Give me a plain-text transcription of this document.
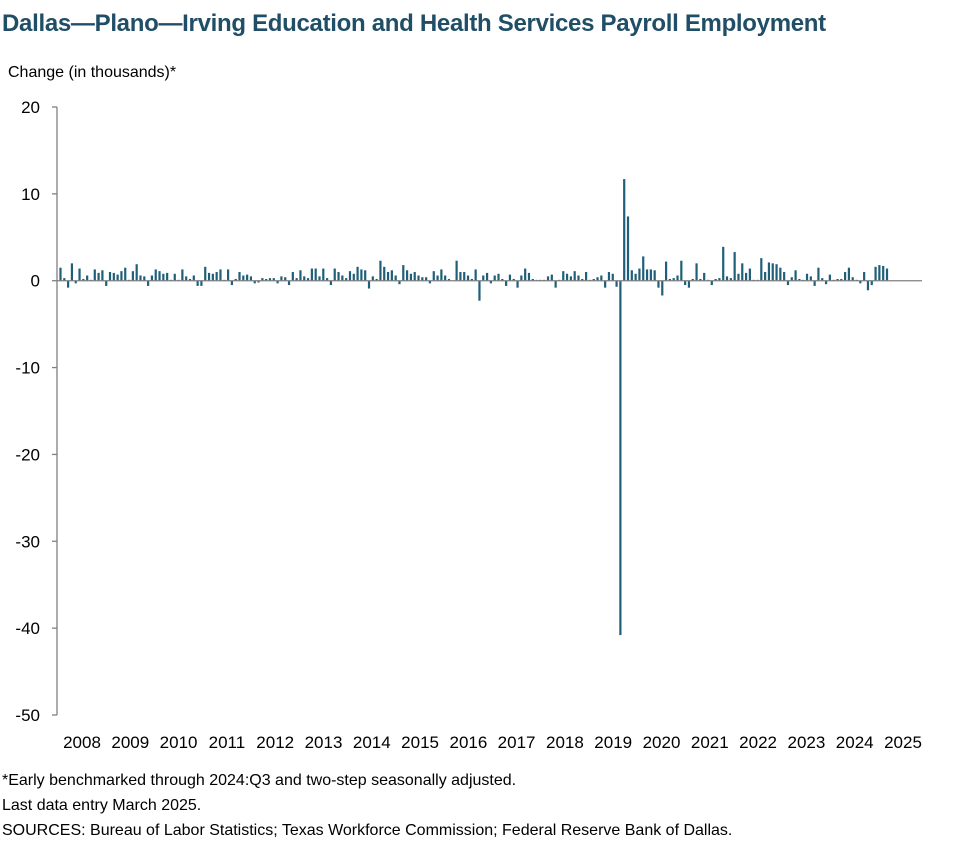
Dallas—Plano—Irving Education and Health Services Payroll Employment
Change (in thousands)*
20
10
0
-10
-20
-30
-40
-50
2008 2009 2010 2011 2012 2013 2014 2015 2016 2017 2018 2019 2020 2021 2022 2023 2024 2025
*Early benchmarked through 2024:Q3 and two-step seasonally adjusted.
Last data entry March 2025.
SOURCES: Bureau of Labor Statistics; Texas Workforce Commission; Federal Reserve Bank of Dallas.
